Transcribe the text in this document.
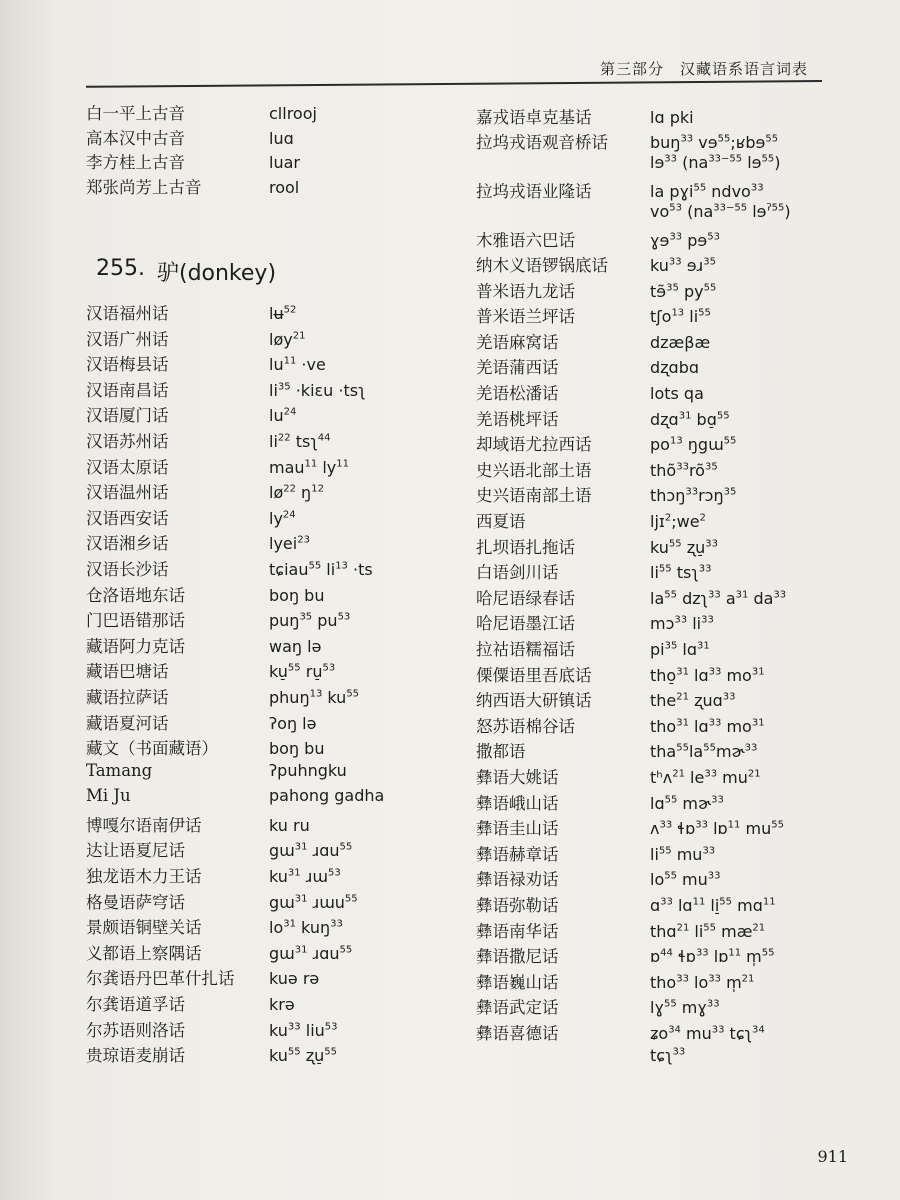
第三部分　汉藏语系语言词表
白一平上古音	cllrooj
高本汉中古音	luɑ
李方桂上古音	luar
郑张尚芳上古音	rool
255. 驴(donkey)
汉语福州话	lʉ$^{52}$
汉语广州话	løy$^{21}$
汉语梅县话	$lu^{11} \cdot ve$
汉语南昌话	$li^{35}$ ·kiɛu ·tsʅ
汉语厦门话	$lu^{24}$
汉语苏州话	$li^{22}$ tsʅ$^{44}$
汉语太原话	mau$^{11}$ $ly^{11}$
汉语温州话	$lø^{22}$ $ŋ^{12}$
汉语西安话	$ly^{24}$
汉语湘乡话	lyei$^{23}$
汉语长沙话	tɕiau$^{55}$ $li^{13} \cdot ts$
仓洛语地东话	boŋ bu
门巴语错那话	puŋ$^{35}$ $pu^{53}$
藏语阿力克话	waŋ lə
藏语巴塘话	ku̠$^{55}$ ru̠$^{53}$
藏语拉萨话	phuŋ$^{13}$ $ku^{55}$
藏语夏河话	ʔoŋ lə
藏文（书面藏语）	boŋ bu
Tamang	ʔpuhngku
Mi Ju	pahong gadha
博嘎尔语南伊话	ku ru
达让语夏尼话	gɯ$^{31}$ ɹɑu$^{55}$
独龙语木力王话	$ku^{31}$ ɹɯ$^{53}$
格曼语萨穹话	gɯ$^{31}$ ɹɯu$^{55}$
景颇语铜壁关话	$lo^{31}$ kuŋ$^{33}$
义都语上察隅话	gɯ$^{31}$ ɹɑu$^{55}$
尔龚语丹巴革什扎话	kuə rə
尔龚语道孚话	krə
尔苏语则洛话	$ku^{33}$ liu$^{53}$
贵琼语麦崩话	$ku^{55}$ ʐu̠$^{55}$
嘉戎语卓克基话	lɑ pki
拉坞戎语观音桥话	buŋ$^{33}$ vɘ$^{55}$;ʁbɘ$^{55}$
lɘ$^{33}$ ($na^{33-55}$ lɘ$^{55}$)
拉坞戎语业隆话	la pɣi$^{55}$ ndvo$^{33}$
$vo^{53}$ ($na^{33-55}$ lɘ$^{ʔ55}$)
木雅语六巴话	ɣɘ$^{33}$ pɘ$^{53}$
纳木义语锣锅底话	$ku^{33}$ ɘɹ$^{35}$
普米语九龙话	tɘ̃$^{35}$ $py^{55}$
普米语兰坪话	tʃo$^{13}$ $li^{55}$
羌语麻窝话	dzæβæ
羌语蒲西话	dʐɑbɑ
羌语松潘话	lots qa
羌语桃坪话	dʐɑ$^{31}$ bɑ̠$^{55}$
却域语尤拉西话	$po^{13}$ ŋgɯ$^{55}$
史兴语北部土语	$thõ^{33}rõ^{35}$
史兴语南部土语	thɔŋ$^{33}$rɔŋ$^{35}$
西夏语	$ljɪ^2;we^2$
扎坝语扎拖话	$ku^{55}$ ʐu̠$^{33}$
白语剑川话	$li^{55}$ tsʅ$^{33}$
哈尼语绿春话	$la^{55}$ dzʅ$^{33}$ $a^{31}$ $da^{33}$
哈尼语墨江话	mɔ$^{33}$ $li^{33}$
拉祜语糯福话	$pi^{35}$ lɑ$^{31}$
傈僳语里吾底话	tho̠$^{31}$ lɑ$^{33}$ $mo^{31}$
纳西语大研镇话	the$^{21}$ ʐuɑ$^{33}$
怒苏语棉谷话	tho$^{31}$ lɑ$^{33}$ $mo^{31}$
撒都语	$tha^{55}la^{55}mɚ^{33}$
彝语大姚话	tʰʌ$^{21}$ $le^{33}$ $mu^{21}$
彝语峨山话	lɑ$^{55}$ mɚ$^{33}$
彝语圭山话	ʌ$^{33}$ ɬɒ$^{33}$ lɒ$^{11}$ $mu^{55}$
彝语赫章话	$li^{55}$ $mu^{33}$
彝语禄劝话	$lo^{55}$ $mu^{33}$
彝语弥勒话	ɑ$^{33}$ lɑ$^{11}$ li̠$^{55}$ mɑ$^{11}$
彝语南华话	thɑ$^{21}$ $li^{55}$ $mæ^{21}$
彝语撒尼话	ɒ$^{44}$ ɬɒ$^{33}$ lɒ$^{11}$ m̩$^{55}$
彝语巍山话	tho$^{33}$ $lo^{33}$ m̩$^{21}$
彝语武定话	lɣ$^{55}$ mɣ$^{33}$
彝语喜德话	ʑo$^{34}$ $mu^{33}$ tɕʅ$^{34}$
tɕʅ$^{33}$
911
